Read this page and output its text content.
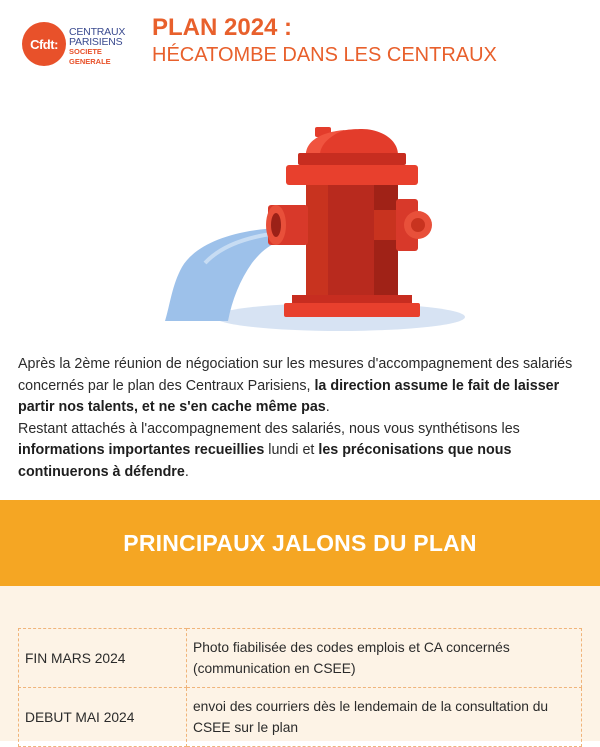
Cfdt:
CENTRAUX
PARISIENS
SOCIETE GENERALE
PLAN 2024 :
HÉCATOMBE DANS LES CENTRAUX

Après la 2ème réunion de négociation sur les mesures d'accompagnement des salariés concernés par le plan des Centraux Parisiens, la direction assume le fait de laisser partir nos talents, et ne s'en cache même pas.

Restant attachés à l'accompagnement des salariés, nous vous synthétisons les informations importantes recueillies lundi et les préconisations que nous continuerons à défendre.

PRINCIPAUX JALONS DU PLAN
FIN MARS 2024	Photo fiabilisée des codes emplois et CA concernés (communication en CSEE)
DEBUT MAI 2024	envoi des courriers dès le lendemain de la consultation du CSEE sur le plan
